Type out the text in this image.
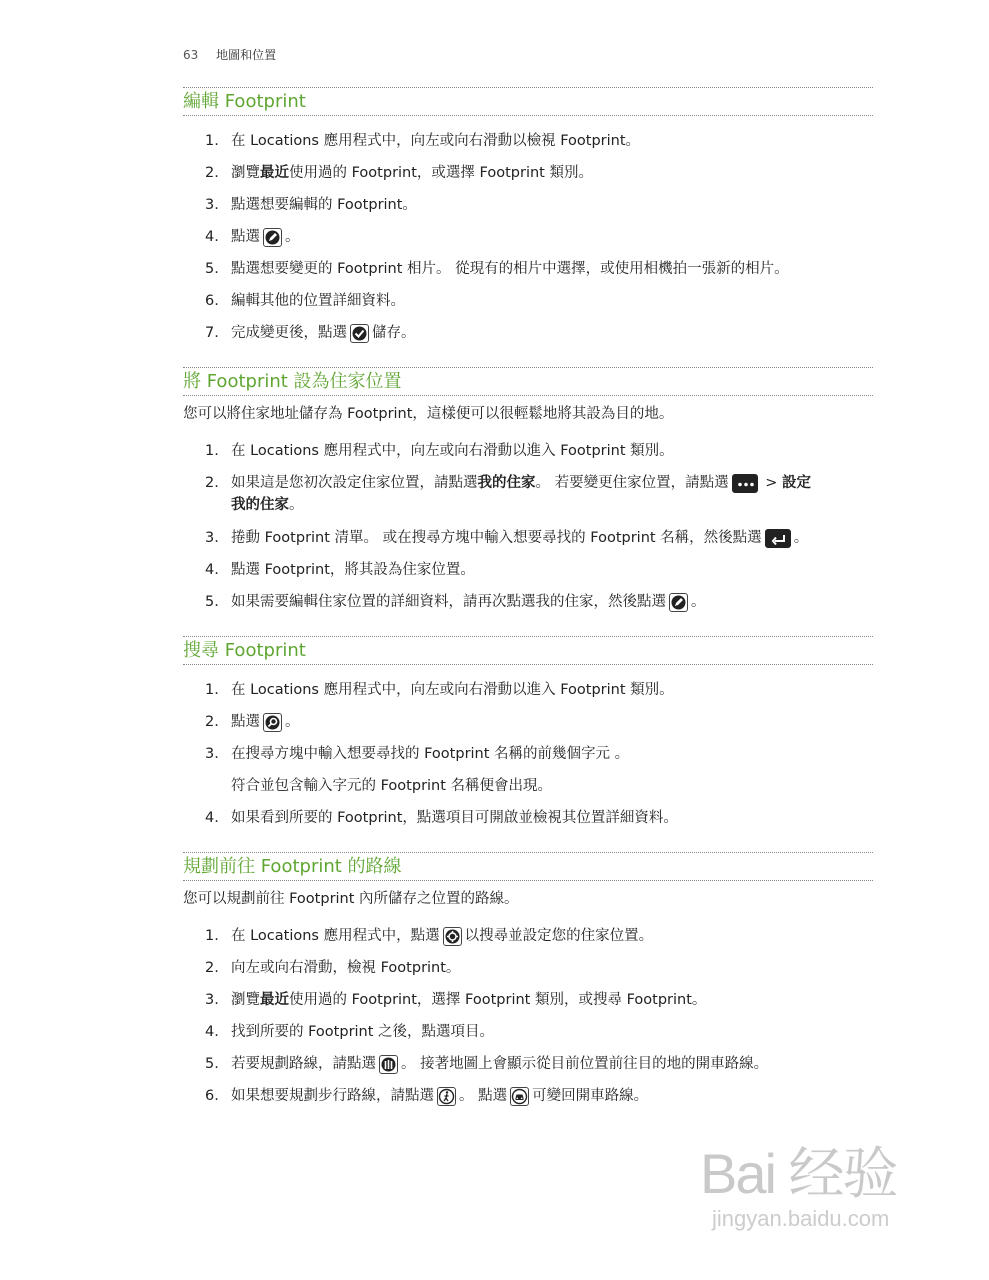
63 地圖和位置
編輯 Footprint
1. 在 Locations 應用程式中，向左或向右滑動以檢視 Footprint。
2. 瀏覽最近使用過的 Footprint，或選擇 Footprint 類別。
3. 點選想要編輯的 Footprint。
4. 點選 。
5. 點選想要變更的 Footprint 相片。 從現有的相片中選擇，或使用相機拍一張新的相片。
6. 編輯其他的位置詳細資料。
7. 完成變更後，點選 儲存。
將 Footprint 設為住家位置
您可以將住家地址儲存為 Footprint，這樣便可以很輕鬆地將其設為目的地。
1. 在 Locations 應用程式中，向左或向右滑動以進入 Footprint 類別。
2. 如果這是您初次設定住家位置，請點選我的住家。 若要變更住家位置，請點選	> 設定
我的住家。
3. 捲動 Footprint 清單。 或在搜尋方塊中輸入想要尋找的 Footprint 名稱，然後點選 。
4. 點選 Footprint，將其設為住家位置。
5. 如果需要編輯住家位置的詳細資料，請再次點選我的住家，然後點選 。
搜尋 Footprint
1. 在 Locations 應用程式中，向左或向右滑動以進入 Footprint 類別。
2. 點選 。
3. 在搜尋方塊中輸入想要尋找的 Footprint 名稱的前幾個字元 。
符合並包含輸入字元的 Footprint 名稱便會出現。
4. 如果看到所要的 Footprint，點選項目可開啟並檢視其位置詳細資料。
規劃前往 Footprint 的路線
您可以規劃前往 Footprint 內所儲存之位置的路線。
1. 在 Locations 應用程式中，點選 以搜尋並設定您的住家位置。
2. 向左或向右滑動，檢視 Footprint。
3. 瀏覽最近使用過的 Footprint，選擇 Footprint 類別，或搜尋 Footprint。
4. 找到所要的 Footprint 之後，點選項目。
5. 若要規劃路線，請點選 。 接著地圖上會顯示從目前位置前往目的地的開車路線。
6. 如果想要規劃步行路線，請點選 。 點選 可變回開車路線。
Bai 经验
jingyan.baidu.com
